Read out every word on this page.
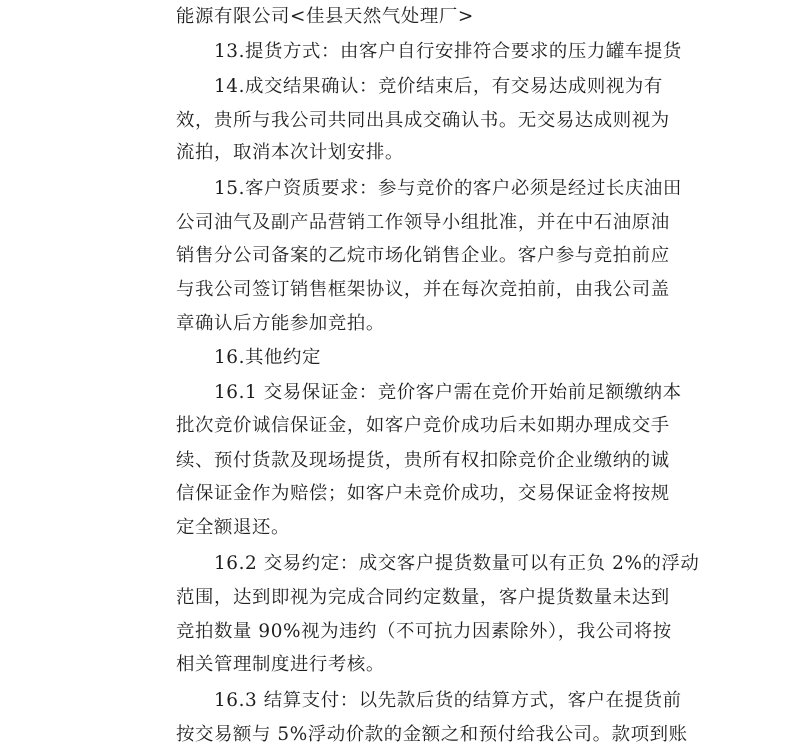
能源有限公司<佳县天然气处理厂>
13.提货方式：由客户自行安排符合要求的压力罐车提货
14.成交结果确认：竞价结束后，有交易达成则视为有
效，贵所与我公司共同出具成交确认书。无交易达成则视为
流拍，取消本次计划安排。
15.客户资质要求：参与竞价的客户必须是经过长庆油田
公司油气及副产品营销工作领导小组批准，并在中石油原油
销售分公司备案的乙烷市场化销售企业。客户参与竞拍前应
与我公司签订销售框架协议，并在每次竞拍前，由我公司盖
章确认后方能参加竞拍。
16.其他约定
16.1 交易保证金：竞价客户需在竞价开始前足额缴纳本
批次竞价诚信保证金，如客户竞价成功后未如期办理成交手
续、预付货款及现场提货，贵所有权扣除竞价企业缴纳的诚
信保证金作为赔偿；如客户未竞价成功，交易保证金将按规
定全额退还。
16.2 交易约定：成交客户提货数量可以有正负 2%的浮动
范围，达到即视为完成合同约定数量，客户提货数量未达到
竞拍数量 90%视为违约（不可抗力因素除外），我公司将按
相关管理制度进行考核。
16.3 结算支付：以先款后货的结算方式，客户在提货前
按交易额与 5%浮动价款的金额之和预付给我公司。款项到账
